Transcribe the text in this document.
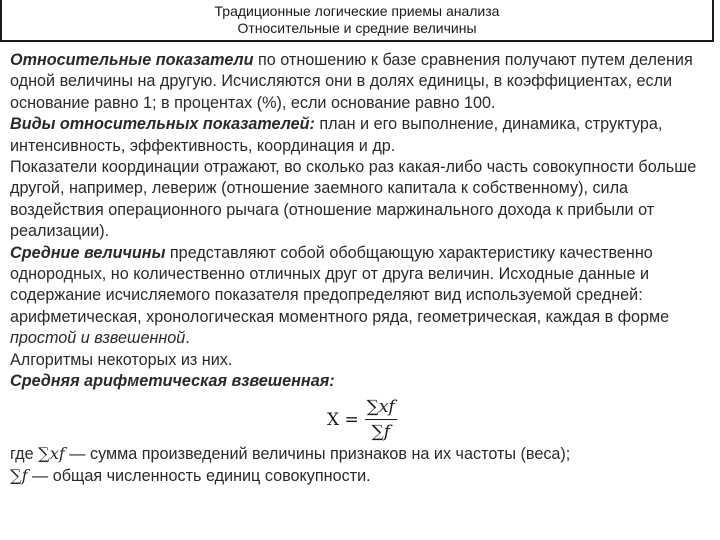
Традиционные логические приемы анализа
Относительные и средние величины

Относительные показатели по отношению к базе сравнения получают путем деления одной величины на другую. Исчисляются они в долях единицы, в коэффициентах, если основание равно 1; в процентах (%), если основание равно 100.

Виды относительных показателей: план и его выполнение, динамика, структура, интенсивность, эффективность, координация и др.

Показатели координации отражают, во сколько раз какая-либо часть совокупности больше другой, например, левериж (отношение заемного капитала к собственному), сила воздействия операционного рычага (отношение маржинального дохода к прибыли от реализации).

Средние величины представляют собой обобщающую характеристику качественно однородных, но количественно отличных друг от друга величин. Исходные данные и содержание исчисляемого показателя предопределяют вид используемой средней: арифметическая, хронологическая моментного ряда, геометрическая, каждая в форме простой и взвешенной.

Алгоритмы некоторых из них.

Средняя арифметическая взвешенная:

$X = \frac{\sum xf}{\sum f}$

где ∑xf — сумма произведений величины признаков на их частоты (веса);

∑f — общая численность единиц совокупности.
